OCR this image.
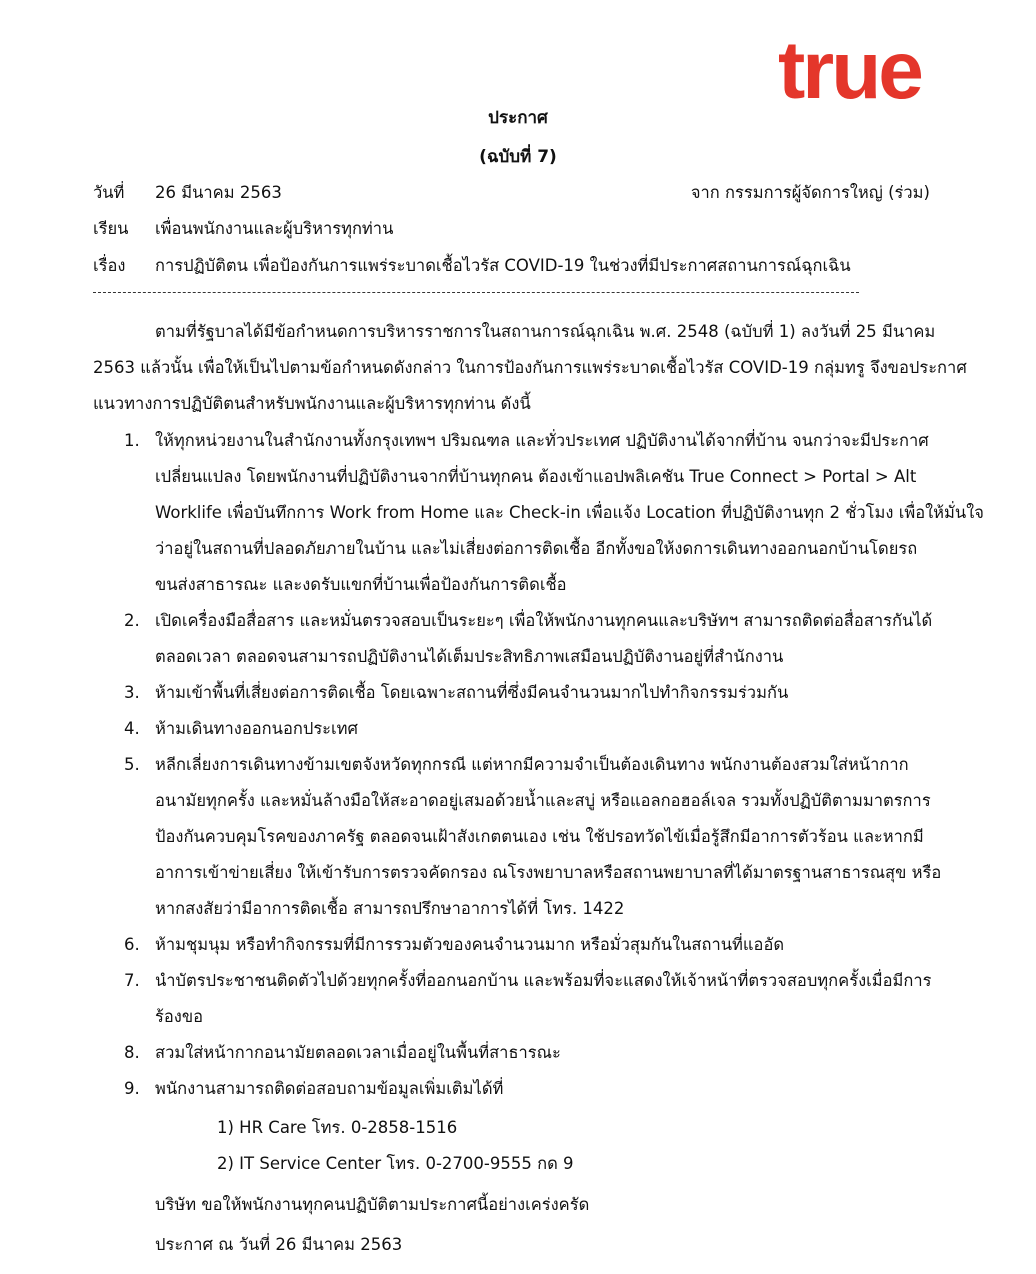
true
ประกาศ
(ฉบับที่ 7)
วันที่ 26 มีนาคม 2563	จาก กรรมการผู้จัดการใหญ่ (ร่วม)
เรียน เพื่อนพนักงานและผู้บริหารทุกท่าน
เรื่อง การปฏิบัติตน เพื่อป้องกันการแพร่ระบาดเชื้อไวรัส COVID-19 ในช่วงที่มีประกาศสถานการณ์ฉุกเฉิน
ตามที่รัฐบาลได้มีข้อกำหนดการบริหารราชการในสถานการณ์ฉุกเฉิน พ.ศ. 2548 (ฉบับที่ 1) ลงวันที่ 25 มีนาคม
2563 แล้วนั้น เพื่อให้เป็นไปตามข้อกำหนดดังกล่าว ในการป้องกันการแพร่ระบาดเชื้อไวรัส COVID-19 กลุ่มทรู จึงขอประกาศ
แนวทางการปฏิบัติตนสำหรับพนักงานและผู้บริหารทุกท่าน ดังนี้
1. ให้ทุกหน่วยงานในสำนักงานทั้งกรุงเทพฯ ปริมณฑล และทั่วประเทศ ปฏิบัติงานได้จากที่บ้าน จนกว่าจะมีประกาศ
เปลี่ยนแปลง โดยพนักงานที่ปฏิบัติงานจากที่บ้านทุกคน ต้องเข้าแอปพลิเคชัน True Connect > Portal > Alt
Worklife เพื่อบันทึกการ Work from Home และ Check-in เพื่อแจ้ง Location ที่ปฏิบัติงานทุก 2 ชั่วโมง เพื่อให้มั่นใจ
ว่าอยู่ในสถานที่ปลอดภัยภายในบ้าน และไม่เสี่ยงต่อการติดเชื้อ อีกทั้งขอให้งดการเดินทางออกนอกบ้านโดยรถ
ขนส่งสาธารณะ และงดรับแขกที่บ้านเพื่อป้องกันการติดเชื้อ
2. เปิดเครื่องมือสื่อสาร และหมั่นตรวจสอบเป็นระยะๆ เพื่อให้พนักงานทุกคนและบริษัทฯ สามารถติดต่อสื่อสารกันได้
ตลอดเวลา ตลอดจนสามารถปฏิบัติงานได้เต็มประสิทธิภาพเสมือนปฏิบัติงานอยู่ที่สำนักงาน
3. ห้ามเข้าพื้นที่เสี่ยงต่อการติดเชื้อ โดยเฉพาะสถานที่ซึ่งมีคนจำนวนมากไปทำกิจกรรมร่วมกัน
4. ห้ามเดินทางออกนอกประเทศ
5. หลีกเลี่ยงการเดินทางข้ามเขตจังหวัดทุกกรณี แต่หากมีความจำเป็นต้องเดินทาง พนักงานต้องสวมใส่หน้ากาก
อนามัยทุกครั้ง และหมั่นล้างมือให้สะอาดอยู่เสมอด้วยน้ำและสบู่ หรือแอลกอฮอล์เจล รวมทั้งปฏิบัติตามมาตรการ
ป้องกันควบคุมโรคของภาครัฐ ตลอดจนเฝ้าสังเกตตนเอง เช่น ใช้ปรอทวัดไข้เมื่อรู้สึกมีอาการตัวร้อน และหากมี
อาการเข้าข่ายเสี่ยง ให้เข้ารับการตรวจคัดกรอง ณโรงพยาบาลหรือสถานพยาบาลที่ได้มาตรฐานสาธารณสุข หรือ
หากสงสัยว่ามีอาการติดเชื้อ สามารถปรึกษาอาการได้ที่ โทร. 1422
6. ห้ามชุมนุม หรือทำกิจกรรมที่มีการรวมตัวของคนจำนวนมาก หรือมั่วสุมกันในสถานที่แออัด
7. นำบัตรประชาชนติดตัวไปด้วยทุกครั้งที่ออกนอกบ้าน และพร้อมที่จะแสดงให้เจ้าหน้าที่ตรวจสอบทุกครั้งเมื่อมีการ
ร้องขอ
8. สวมใส่หน้ากากอนามัยตลอดเวลาเมื่ออยู่ในพื้นที่สาธารณะ
9. พนักงานสามารถติดต่อสอบถามข้อมูลเพิ่มเติมได้ที่
1) HR Care โทร. 0-2858-1516
2) IT Service Center โทร. 0-2700-9555 กด 9
บริษัท ขอให้พนักงานทุกคนปฏิบัติตามประกาศนี้อย่างเคร่งครัด
ประกาศ ณ วันที่ 26 มีนาคม 2563
